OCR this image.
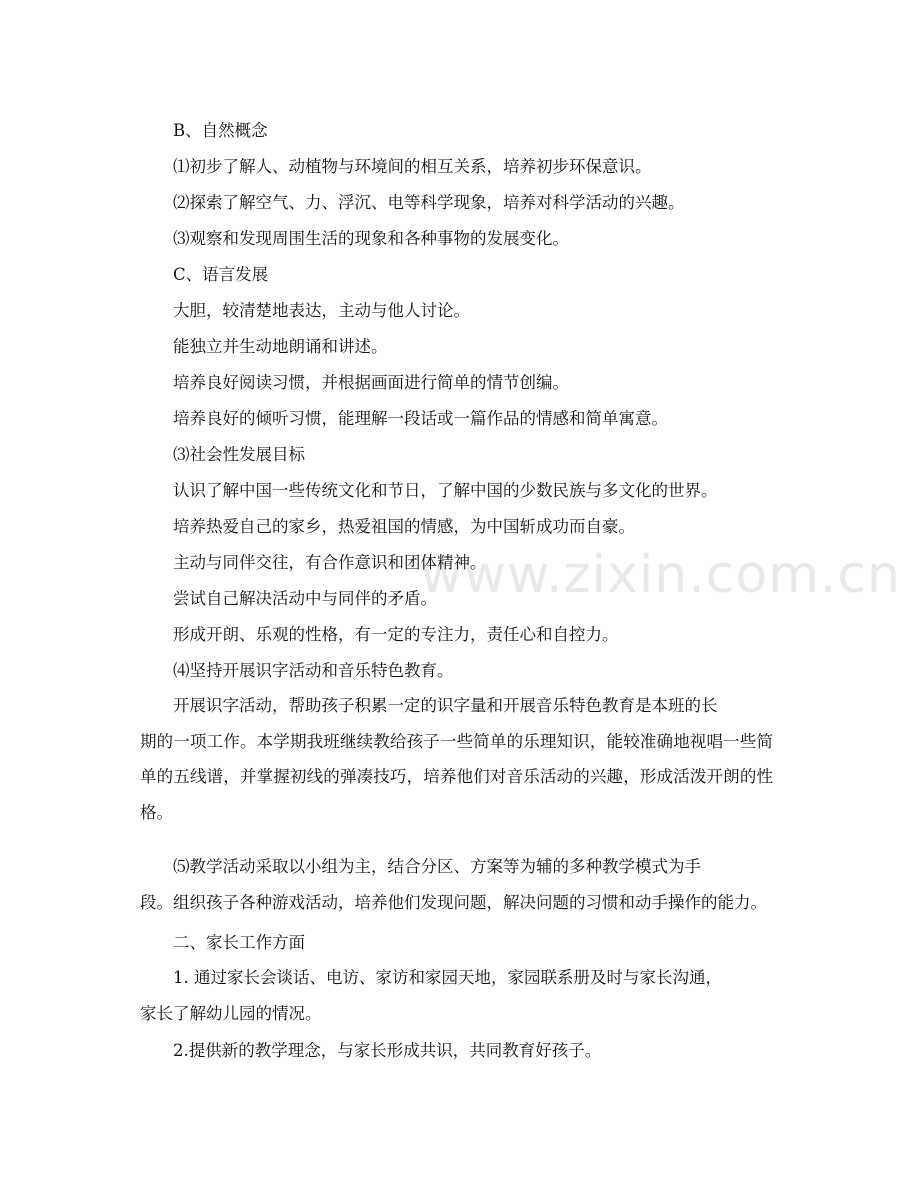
www.zixin.com.cn
B、自然概念
⑴初步了解人、动植物与环境间的相互关系，培养初步环保意识。
⑵探索了解空气、力、浮沉、电等科学现象，培养对科学活动的兴趣。
⑶观察和发现周围生活的现象和各种事物的发展变化。
C、语言发展
大胆，较清楚地表达，主动与他人讨论。
能独立并生动地朗诵和讲述。
培养良好阅读习惯，并根据画面进行简单的情节创编。
培养良好的倾听习惯，能理解一段话或一篇作品的情感和简单寓意。
⑶社会性发展目标
认识了解中国一些传统文化和节日，了解中国的少数民族与多文化的世界。
培养热爱自己的家乡，热爱祖国的情感，为中国斩成功而自豪。
主动与同伴交往，有合作意识和团体精神。
尝试自己解决活动中与同伴的矛盾。
形成开朗、乐观的性格，有一定的专注力，责任心和自控力。
⑷坚持开展识字活动和音乐特色教育。
开展识字活动，帮助孩子积累一定的识字量和开展音乐特色教育是本班的长
期的一项工作。本学期我班继续教给孩子一些简单的乐理知识，能较准确地视唱一些简单的五线谱，并掌握初线的弹凑技巧，培养他们对音乐活动的兴趣，形成活泼开朗的性格。
⑸教学活动采取以小组为主，结合分区、方案等为辅的多种教学模式为手
段。组织孩子各种游戏活动，培养他们发现问题，解决问题的习惯和动手操作的能力。
二、家长工作方面
1. 通过家长会谈话、电访、家访和家园天地，家园联系册及时与家长沟通，
家长了解幼儿园的情况。
2.提供新的教学理念，与家长形成共识，共同教育好孩子。
